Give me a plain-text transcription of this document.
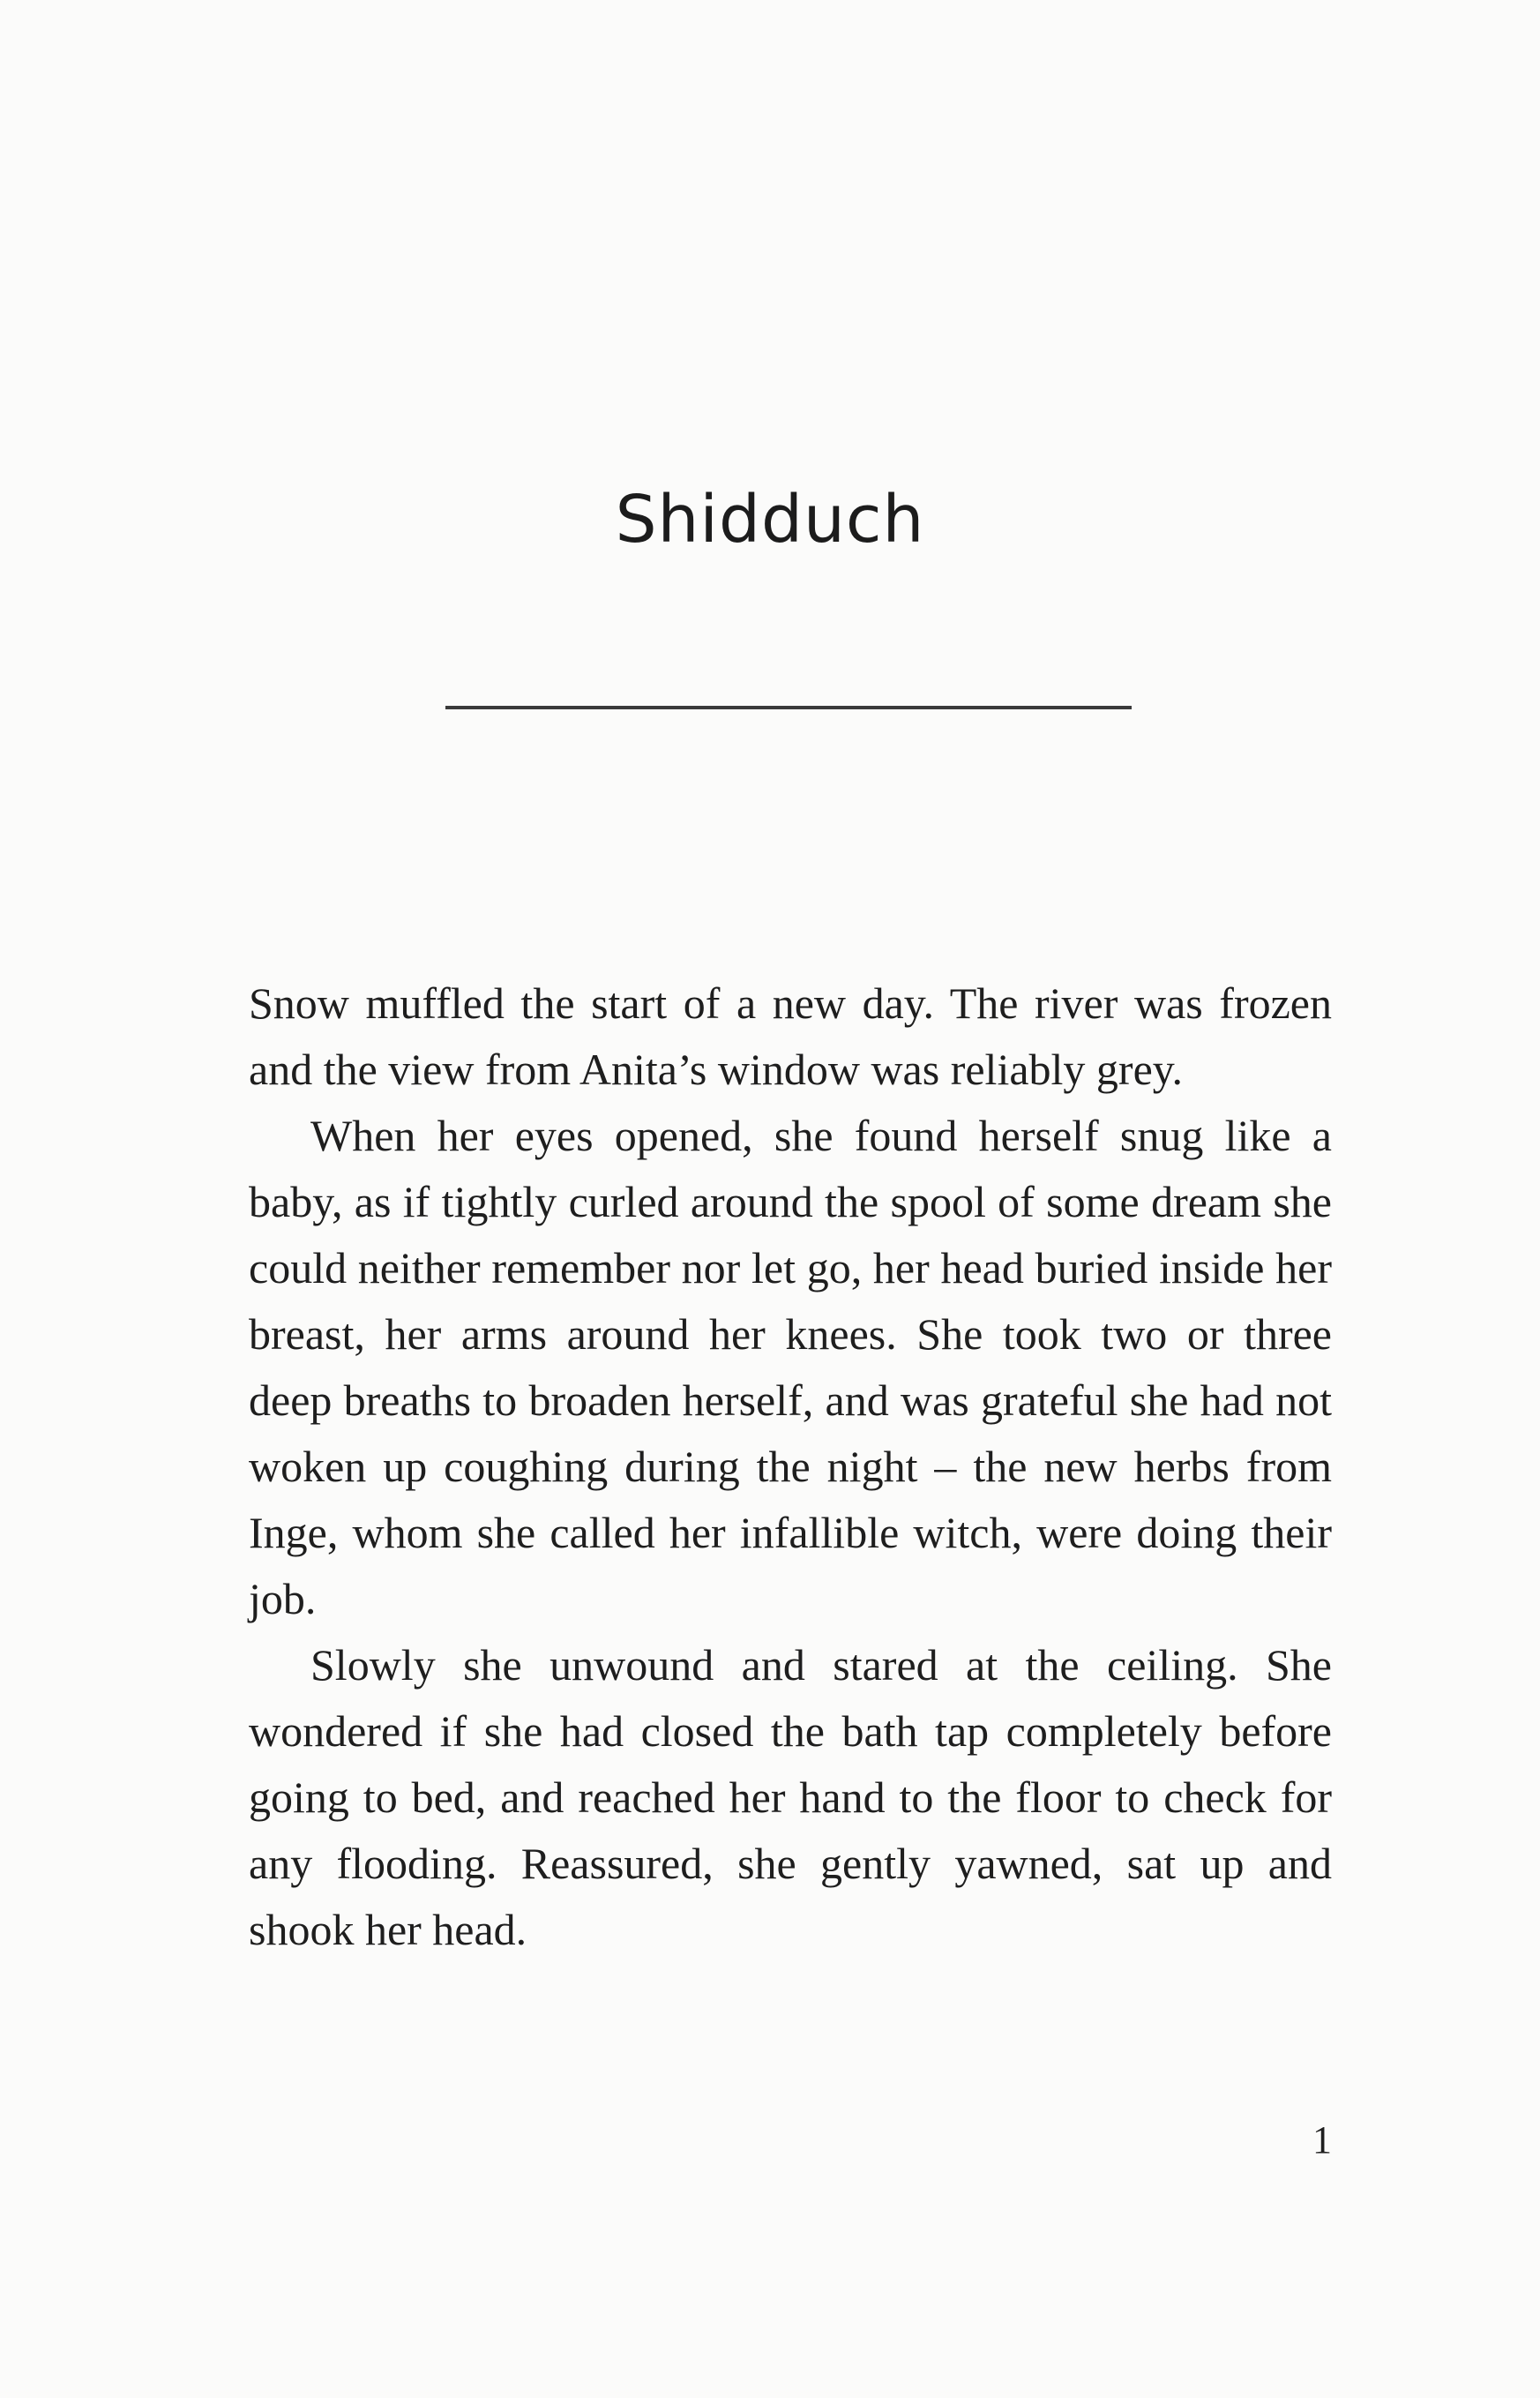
Shidduch

Snow muffled the start of a new day. The river was frozen and the view from Anita’s window was reliably grey.

When her eyes opened, she found herself snug like a baby, as if tightly curled around the spool of some dream she could neither remember nor let go, her head buried inside her breast, her arms around her knees. She took two or three deep breaths to broaden herself, and was grateful she had not woken up coughing during the night – the new herbs from Inge, whom she called her infallible witch, were doing their job.

Slowly she unwound and stared at the ceiling. She wondered if she had closed the bath tap completely before going to bed, and reached her hand to the floor to check for any flooding. Reassured, she gently yawned, sat up and shook her head.

1
